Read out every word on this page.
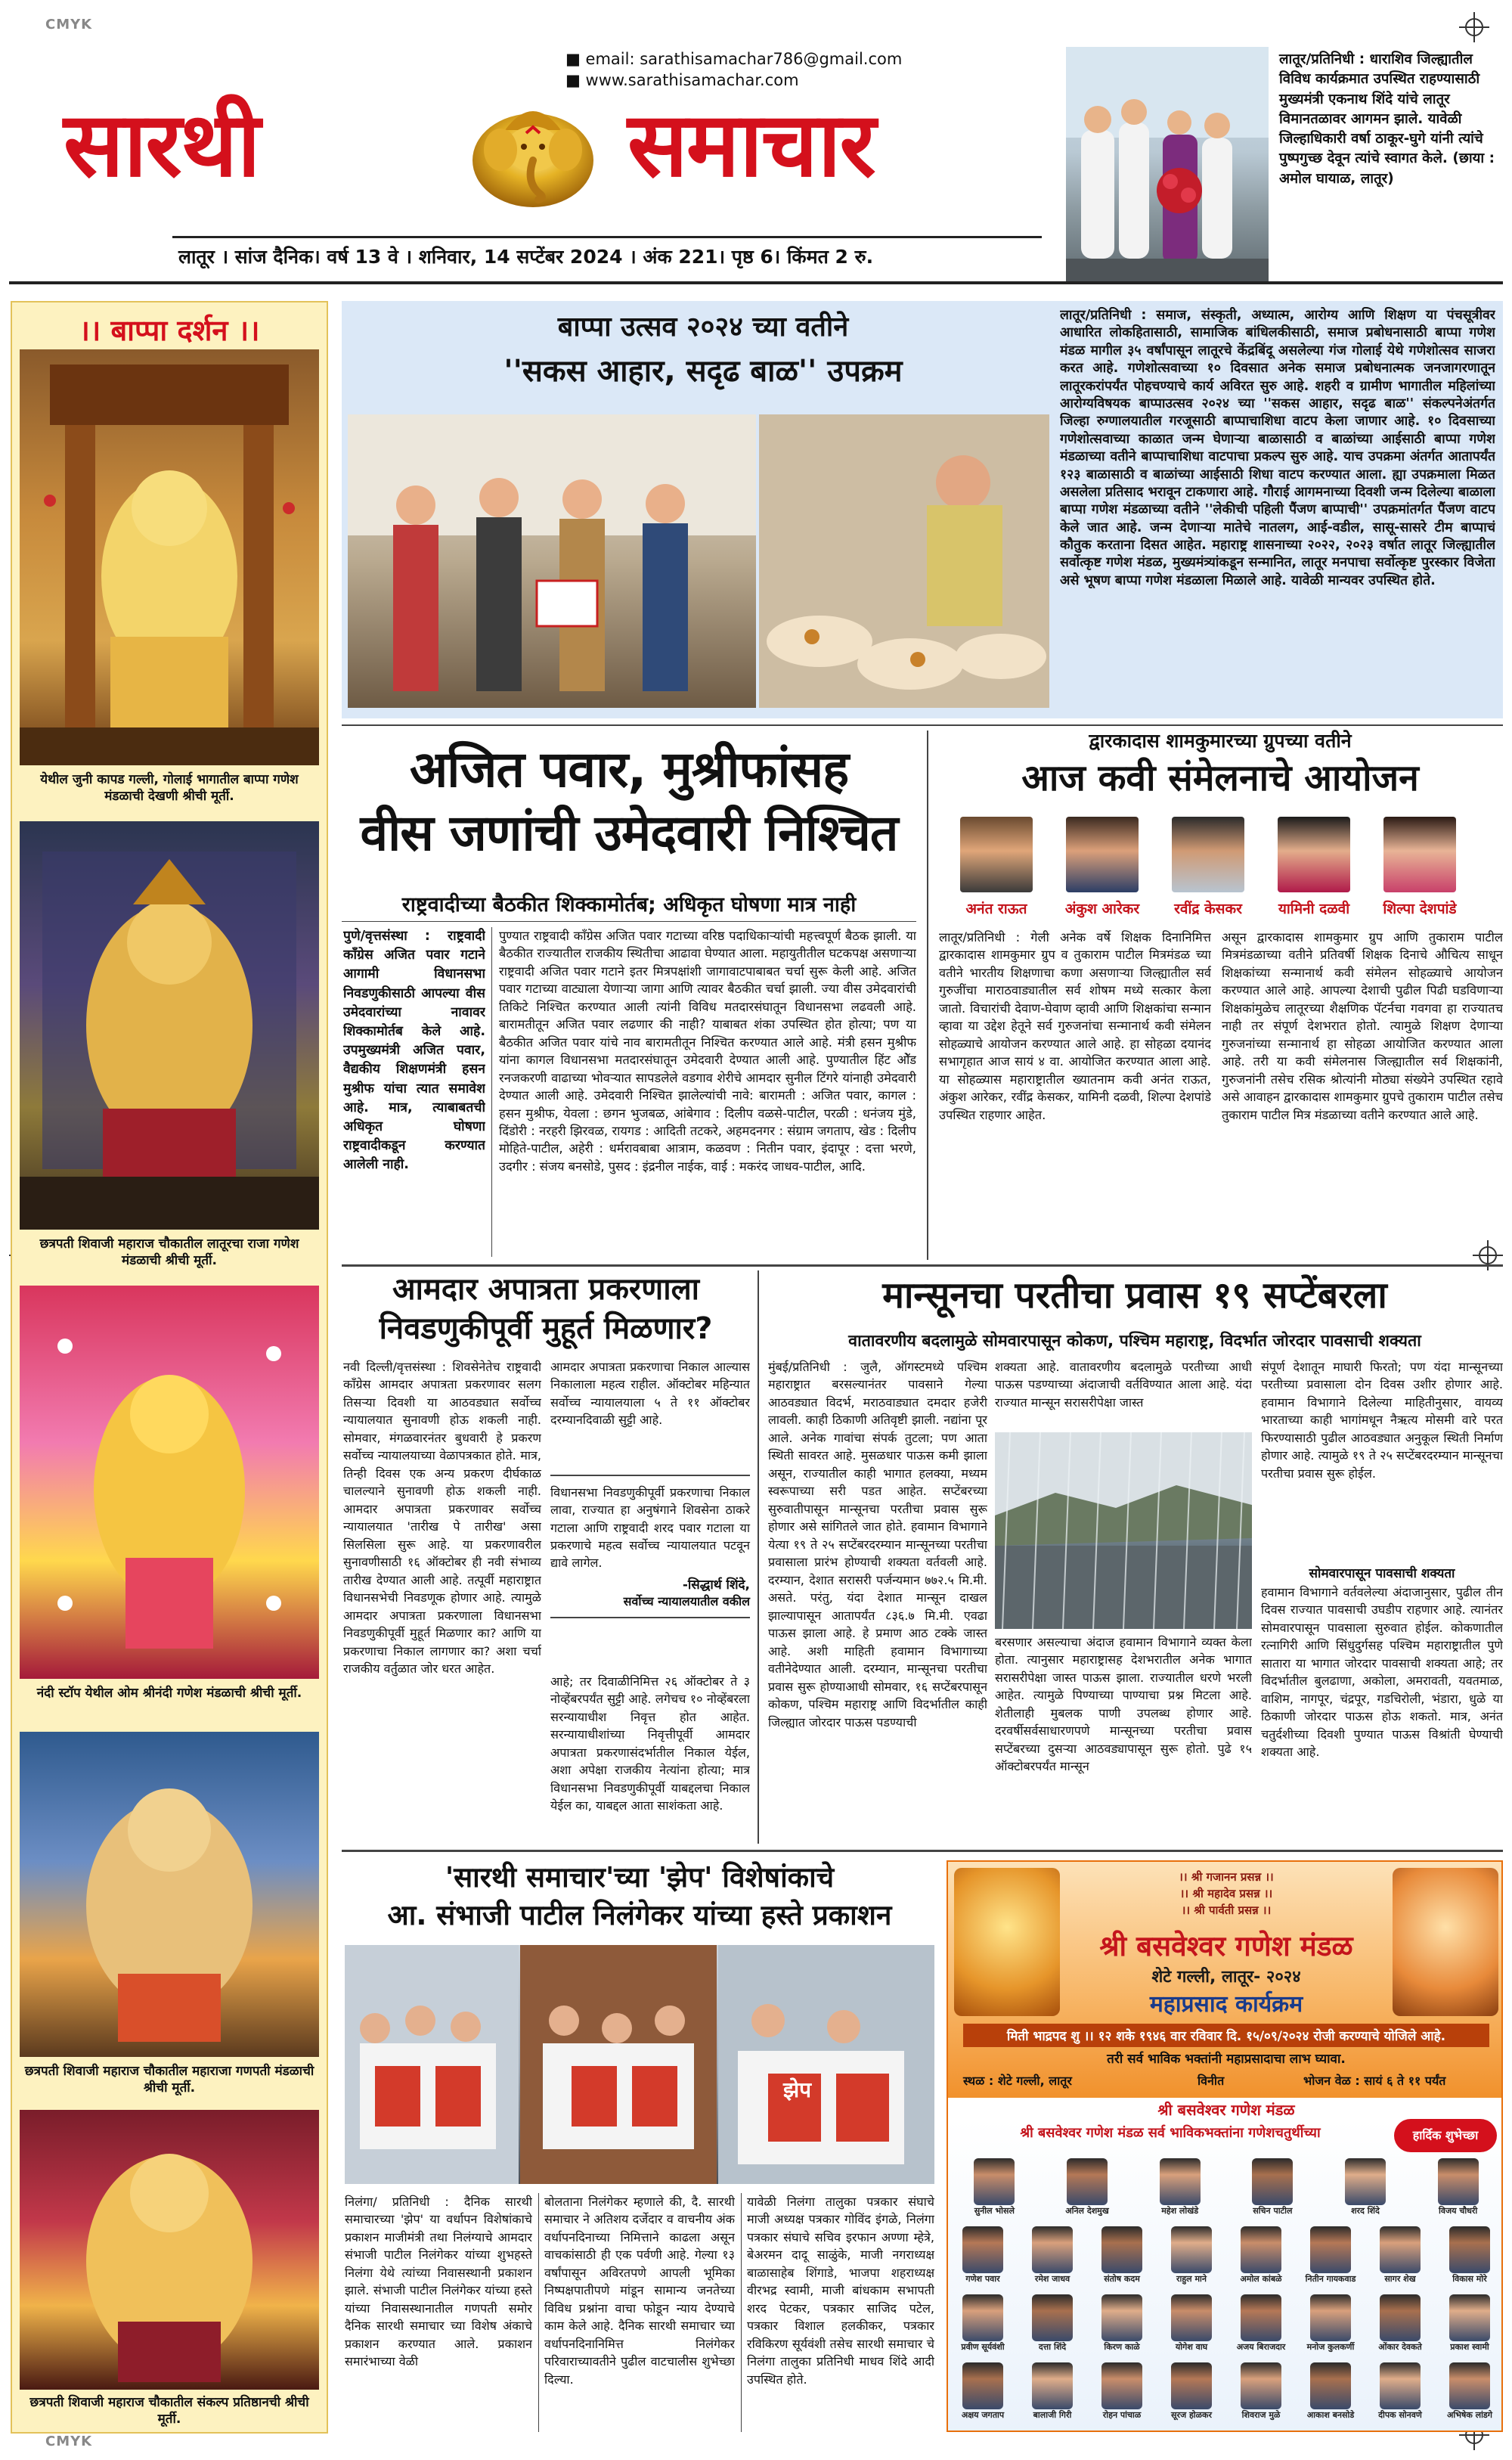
CMYK
CMYK
■ email: sarathisamachar786@gmail.com
■ www.sarathisamachar.com
सारथी	समाचार
लातूर । सांज दैनिक। वर्ष 13 वे । शनिवार, 14 सप्टेंबर 2024 । अंक 221। पृष्ठ 6। किंमत 2 रु.
लातूर/प्रतिनिधी : धाराशिव जिल्ह्यातील विविध कार्यक्रमात उपस्थित राहण्यासाठी मुख्यमंत्री एकनाथ शिंदे यांचे लातूर विमानतळावर आगमन झाले. यावेळी जिल्हाधिकारी वर्षा ठाकूर-घुगे यांनी त्यांचे पुष्पगुच्छ देवून त्यांचे स्वागत केले. (छाया : अमोल घायाळ, लातूर)
।। बाप्पा दर्शन ।।
येथील जुनी कापड गल्ली, गोलाई भागातील बाप्पा गणेश मंडळाची देखणी श्रीची मूर्ती.
छत्रपती शिवाजी महाराज चौकातील लातूरचा राजा गणेश मंडळाची श्रीची मूर्ती.
नंदी स्टॉप येथील ओम श्रीनंदी गणेश मंडळाची श्रीची मूर्ती.
छत्रपती शिवाजी महाराज चौकातील महाराजा गणपती मंडळाची श्रीची मूर्ती.
छत्रपती शिवाजी महाराज चौकातील संकल्प प्रतिष्ठानची श्रीची मूर्ती.
बाप्पा उत्सव २०२४ च्या वतीने
''सकस आहार, सदृढ बाळ'' उपक्रम
लातूर/प्रतिनिधी : समाज, संस्कृती, अध्यात्म, आरोग्य आणि शिक्षण या पंचसूत्रीवर आधारित लोकहितासाठी, सामाजिक बांधिलकीसाठी, समाज प्रबोधनासाठी बाप्पा गणेश मंडळ मागील ३५ वर्षांपासून लातूरचे केंद्रबिंदू असलेल्या गंज गोलाई येथे गणेशोत्सव साजरा करत आहे. गणेशोत्सवाच्या १० दिवसात अनेक समाज प्रबोधनात्मक जनजागरणातून लातूरकरांपर्यंत पोहचण्याचे कार्य अविरत सुरु आहे. शहरी व ग्रामीण भागातील महिलांच्या आरोग्यविषयक बाप्पाउत्सव २०२४ च्या ''सकस आहार, सदृढ बाळ'' संकल्पनेअंतर्गत जिल्हा रुग्णालयातील गरजूसाठी बाप्पाचाशिधा वाटप केला जाणार आहे. १० दिवसाच्या गणेशोत्सवाच्या काळात जन्म घेणाऱ्या बाळासाठी व बाळांच्या आईसाठी बाप्पा गणेश मंडळाच्या वतीने बाप्पाचाशिधा वाटपाचा प्रकल्प सुरु आहे. याच उपक्रमा अंतर्गत आतापर्यंत १२३ बाळासाठी व बाळांच्या आईसाठी शिधा वाटप करण्यात आला. ह्या उपक्रमाला मिळत असलेला प्रतिसाद भरावून टाकणारा आहे. गौराई आगमनाच्या दिवशी जन्म दिलेल्या बाळाला बाप्पा गणेश मंडळाच्या वतीने ''लेकीची पहिली पैंजण बाप्पाची'' उपक्रमांतर्गत पैंजण वाटप केले जात आहे. जन्म देणाऱ्या मातेचे नातलग, आई-वडील, सासू-सासरे टीम बाप्पाचं कौतुक करताना दिसत आहेत. महाराष्ट्र शासनाच्या २०२२, २०२३ वर्षात लातूर जिल्ह्यातील सर्वोत्कृष्ट गणेश मंडळ, मुख्यमंत्र्यांकडून सन्मानित, लातूर मनपाचा सर्वोत्कृष्ट पुरस्कार विजेता असे भूषण बाप्पा गणेश मंडळाला मिळाले आहे. यावेळी मान्यवर उपस्थित होते.
अजित पवार, मुश्रीफांसह
वीस जणांची उमेदवारी निश्चित
राष्ट्रवादीच्या बैठकीत शिक्कामोर्तब; अधिकृत घोषणा मात्र नाही
पुणे/वृत्तसंस्था : राष्ट्रवादी काँग्रेस अजित पवार गटाने आगामी विधानसभा निवडणुकीसाठी आपल्या वीस उमेदवारांच्या नावावर शिक्कामोर्तब केले आहे. उपमुख्यमंत्री अजित पवार, वैद्यकीय शिक्षणमंत्री हसन मुश्रीफ यांचा त्यात समावेश आहे. मात्र, त्याबाबतची अधिकृत घोषणा राष्ट्रवादीकडून करण्यात आलेली नाही.
पुण्यात राष्ट्रवादी काँग्रेस अजित पवार गटाच्या वरिष्ठ पदाधिकाऱ्यांची महत्त्वपूर्ण बैठक झाली. या बैठकीत राज्यातील राजकीय स्थितीचा आढावा घेण्यात आला. महायुतीतील घटकपक्ष असणाऱ्या राष्ट्रवादी अजित पवार गटाने इतर मित्रपक्षांशी जागावाटपाबाबत चर्चा सुरू केली आहे. अजित पवार गटाच्या वाट्याला येणाऱ्या जागा आणि त्यावर बैठकीत चर्चा झाली. ज्या वीस उमेदवारांची तिकिटे निश्चित करण्यात आली त्यांनी विविध मतदारसंघातून विधानसभा लढवली आहे. बारामतीतून अजित पवार लढणार की नाही? याबाबत शंका उपस्थित होत होत्या; पण या बैठकीत अजित पवार यांचे नाव बारामतीतून निश्चित करण्यात आले आहे. मंत्री हसन मुश्रीफ यांना कागल विधानसभा मतदारसंघातून उमेदवारी देण्यात आली आहे. पुण्यातील हिंट ओॅड रनजकरणी वाढाच्या भोवऱ्यात सापडलेले वडगाव शेरीचे आमदार सुनील टिंगरे यांनाही उमेदवारी देण्यात आली आहे. उमेदवारी निश्चित झालेल्यांची नावे: बारामती : अजित पवार, कागल : हसन मुश्रीफ, येवला : छगन भुजबळ, आंबेगाव : दिलीप वळसे-पाटील, परळी : धनंजय मुंडे, दिंडोरी : नरहरी झिरवळ, रायगड : आदिती तटकरे, अहमदनगर : संग्राम जगताप, खेड : दिलीप मोहिते-पाटील, अहेरी : धर्मरावबाबा आत्राम, कळवण : नितीन पवार, इंदापूर : दत्ता भरणे, उदगीर : संजय बनसोडे, पुसद : इंद्रनील नाईक, वाई : मकरंद जाधव-पाटील, आदि.
द्वारकादास शामकुमारच्या ग्रुपच्या वतीने
आज कवी संमेलनाचे आयोजन
अनंत राऊत	अंकुश आरेकर	रवींद्र केसकर	यामिनी दळवी	शिल्पा देशपांडे
लातूर/प्रतिनिधी : गेली अनेक वर्षे शिक्षक दिनानिमित्त द्वारकादास शामकुमार ग्रुप व तुकाराम पाटील मित्रमंडळ च्या वतीने भारतीय शिक्षणाचा कणा असणाऱ्या जिल्ह्यातील सर्व गुरुजींचा माराठवाड्यातील सर्व शोषम मध्ये सत्कार केला जातो. विचारांची देवाण-घेवाण व्हावी आणि शिक्षकांचा सन्मान व्हावा या उद्देश हेतूने सर्व गुरुजनांचा सन्मानार्थ कवी संमेलन सोहळ्याचे आयोजन करण्यात आले आहे. हा सोहळा दयानंद सभागृहात आज सायं ४ वा. आयोजित करण्यात आला आहे. या सोहळ्यास महाराष्ट्रातील ख्यातनाम कवी अनंत राऊत, अंकुश आरेकर, रवींद्र केसकर, यामिनी दळवी, शिल्पा देशपांडे उपस्थित राहणार आहेत.
असून द्वारकादास शामकुमार ग्रुप आणि तुकाराम पाटील मित्रमंडळाच्या वतीने प्रतिवर्षी शिक्षक दिनाचे औचित्य साधून शिक्षकांच्या सन्मानार्थ कवी संमेलन सोहळ्याचे आयोजन करण्यात आले आहे. आपल्या देशाची पुढील पिढी घडविणाऱ्या शिक्षकांमुळेच लातूरच्या शैक्षणिक पॅटर्नचा गवगवा हा राज्यातच नाही तर संपूर्ण देशभरात होतो. त्यामुळे शिक्षण देणाऱ्या गुरुजनांच्या सन्मानार्थ हा सोहळा आयोजित करण्यात आला आहे. तरी या कवी संमेलनास जिल्ह्यातील सर्व शिक्षकांनी, गुरुजनांनी तसेच रसिक श्रोत्यांनी मोठ्या संख्येने उपस्थित रहावे असे आवाहन द्वारकादास शामकुमार ग्रुपचे तुकाराम पाटील तसेच तुकाराम पाटील मित्र मंडळाच्या वतीने करण्यात आले आहे.
आमदार अपात्रता प्रकरणाला
निवडणुकीपूर्वी मुहूर्त मिळणार?
नवी दिल्ली/वृत्तसंस्था : शिवसेनेतेच राष्ट्रवादी काँग्रेस आमदार अपात्रता प्रकरणावर सलग तिसऱ्या दिवशी या आठवड्यात सर्वोच्च न्यायालयात सुनावणी होऊ शकली नाही. सोमवार, मंगळवारनंतर बुधवारी हे प्रकरण सर्वोच्च न्यायालयाच्या वेळापत्रकात होते. मात्र, तिन्ही दिवस एक अन्य प्रकरण दीर्घकाळ चालल्याने सुनावणी होऊ शकली नाही. आमदार अपात्रता प्रकरणावर सर्वोच्च न्यायालयात 'तारीख पे तारीख' असा सिलसिला सुरू आहे. या प्रकरणावरील सुनावणीसाठी १६ ऑक्टोबर ही नवी संभाव्य तारीख देण्यात आली आहे. तत्पूर्वी महाराष्ट्रात विधानसभेची निवडणूक होणार आहे. त्यामुळे आमदार अपात्रता प्रकरणाला विधानसभा निवडणुकीपूर्वी मुहूर्त मिळणार का? आणि या प्रकरणाचा निकाल लागणार का? अशा चर्चा राजकीय वर्तुळात जोर धरत आहेत.
आमदार अपात्रता प्रकरणाचा निकाल आल्यास निकालाला महत्व राहील. ऑक्टोबर महिन्यात सर्वोच्च न्यायालयाला ५ ते ११ ऑक्टोबर दरम्यानदिवाळी सुट्टी आहे.
विधानसभा निवडणुकीपूर्वी प्रकरणाचा निकाल लावा, राज्यात हा अनुषंगाने शिवसेना ठाकरे गटाला आणि राष्ट्रवादी शरद पवार गटाला या प्रकरणाचे महत्व सर्वोच्च न्यायालयात पटवून द्यावे लागेल.
-सिद्धार्थ शिंदे,
सर्वोच्च न्यायालयातील वकील
आहे; तर दिवाळीनिमित्त २६ ऑक्टोबर ते ३ नोव्हेंबरपर्यंत सुट्टी आहे. लगेचच १० नोव्हेंबरला सरन्यायाधीश निवृत्त होत आहेत. सरन्यायाधीशांच्या निवृत्तीपूर्वी आमदार अपात्रता प्रकरणासंदर्भातील निकाल येईल, अशा अपेक्षा राजकीय नेत्यांना होत्या; मात्र विधानसभा निवडणुकीपूर्वी याबद्दलचा निकाल येईल का, याबद्दल आता साशंकता आहे.
मान्सूनचा परतीचा प्रवास १९ सप्टेंबरला
वातावरणीय बदलामुळे सोमवारपासून कोकण, पश्चिम महाराष्ट्र, विदर्भात जोरदार पावसाची शक्यता
मुंबई/प्रतिनिधी : जुलै, ऑगस्टमध्ये पश्चिम महाराष्ट्रात बरसल्यानंतर पावसाने गेल्या आठवड्यात विदर्भ, मराठवाड्यात दमदार हजेरी लावली. काही ठिकाणी अतिवृष्टी झाली. नद्यांना पूर आले. अनेक गावांचा संपर्क तुटला; पण आता स्थिती सावरत आहे. मुसळधार पाऊस कमी झाला असून, राज्यातील काही भागात हलक्या, मध्यम स्वरूपाच्या सरी पडत आहेत. सप्टेंबरच्या सुरुवातीपासून मान्सूनचा परतीचा प्रवास सुरू होणार असे सांगितले जात होते. हवामान विभागाने येत्या १९ ते २५ सप्टेंबरदरम्यान मान्सूनच्या परतीचा प्रवासाला प्रारंभ होण्याची शक्यता वर्तवली आहे. दरम्यान, देशात सरासरी पर्जन्यमान ७७२.५ मि.मी. असते. परंतु, यंदा देशात मान्सून दाखल झाल्यापासून आतापर्यंत ८३६.७ मि.मी. एवढा पाऊस झाला आहे. हे प्रमाण आठ टक्के जास्त आहे. अशी माहिती हवामान विभागाच्या वतीनेदेण्यात आली. दरम्यान, मान्सूनचा परतीचा प्रवास सुरू होण्याआधी सोमवार, १६ सप्टेंबरपासून कोकण, पश्चिम महाराष्ट्र आणि विदर्भातील काही जिल्ह्यात जोरदार पाऊस पडण्याची
शक्यता आहे. वातावरणीय बदलामुळे परतीच्या आधी पाऊस पडण्याच्या अंदाजाची वर्तविण्यात आला आहे. यंदा राज्यात मान्सून सरासरीपेक्षा जास्त
बरसणार असल्याचा अंदाज हवामान विभागाने व्यक्त केला होता. त्यानुसार महाराष्ट्रासह देशभरातील अनेक भागात सरासरीपेक्षा जास्त पाऊस झाला. राज्यातील धरणे भरली आहेत. त्यामुळे पिण्याच्या पाण्याचा प्रश्न मिटला आहे. शेतीलाही मुबलक पाणी उपलब्ध होणार आहे. दरवर्षीसर्वसाधारणपणे मान्सूनच्या परतीचा प्रवास सप्टेंबरच्या दुसऱ्या आठवड्यापासून सुरू होतो. पुढे १५ ऑक्टोबरपर्यंत मान्सून
संपूर्ण देशातून माघारी फिरतो; पण यंदा मान्सूनच्या परतीच्या प्रवासाला दोन दिवस उशीर होणार आहे. हवामान विभागाने दिलेल्या माहितीनुसार, वायव्य भारताच्या काही भागांमधून नैऋत्य मोसमी वारे परत फिरण्यासाठी पुढील आठवड्यात अनुकूल स्थिती निर्माण होणार आहे. त्यामुळे १९ ते २५ सप्टेंबरदरम्यान मान्सूनचा परतीचा प्रवास सुरू होईल.
सोमवारपासून पावसाची शक्यता
हवामान विभागाने वर्तवलेल्या अंदाजानुसार, पुढील तीन दिवस राज्यात पावसाची उघडीप राहणार आहे. त्यानंतर सोमवारपासून पावसाला सुरुवात होईल. कोकणातील रत्नागिरी आणि सिंधुदुर्गसह पश्चिम महाराष्ट्रातील पुणे सातारा या भागात जोरदार पावसाची शक्यता आहे; तर विदर्भातील बुलढाणा, अकोला, अमरावती, यवतमाळ, वाशिम, नागपूर, चंद्रपूर, गडचिरोली, भंडारा, धुळे या ठिकाणी जोरदार पाऊस होऊ शकतो. मात्र, अनंत चतुर्दशीच्या दिवशी पुण्यात पाऊस विश्रांती घेण्याची शक्यता आहे.
'सारथी समाचार'च्या 'झेप' विशेषांकाचे
आ. संभाजी पाटील निलंगेकर यांच्या हस्ते प्रकाशन
झेप
निलंगा/ प्रतिनिधी : दैनिक सारथी समाचारच्या 'झेप' या वर्धापन विशेषांकाचे प्रकाशन माजीमंत्री तथा निलंग्याचे आमदार संभाजी पाटील निलंगेकर यांच्या शुभहस्ते निलंगा येथे त्यांच्या निवासस्थानी प्रकाशन झाले. संभाजी पाटील निलंगेकर यांच्या हस्ते यांच्या निवासस्थानातील गणपती समोर दैनिक सारथी समाचार च्या विशेष अंकाचे प्रकाशन करण्यात आले. प्रकाशन समारंभाच्या वेळी
बोलताना निलंगेकर म्हणाले की, दै. सारथी समाचार ने अतिशय दर्जेदार व वाचनीय अंक वर्धापनदिनाच्या निमित्ताने काढला असून वाचकांसाठी ही एक पर्वणी आहे. गेल्या १३ वर्षांपासून अविरतपणे आपली भूमिका निष्पक्षपातीपणे मांडून सामान्य जनतेच्या विविध प्रश्नांना वाचा फोडून न्याय देण्याचे काम केले आहे. दैनिक सारथी समाचार च्या वर्धापनदिनानिमित्त निलंगेकर परिवाराच्यावतीने पुढील वाटचालीस शुभेच्छा दिल्या.
यावेळी निलंगा तालुका पत्रकार संघाचे माजी अध्यक्ष पत्रकार गोविंद इंगळे, निलंगा पत्रकार संघाचे सचिव इरफान अण्णा म्हेत्रे, बेअरमन दादू साळुंके, माजी नगराध्यक्ष बाळासाहेब शिंगाडे, भाजपा शहराध्यक्ष वीरभद्र स्वामी, माजी बांधकाम सभापती शरद पेटकर, पत्रकार साजिद पटेल, पत्रकार विशाल हलकीकर, पत्रकार रविकिरण सूर्यवंशी तसेच सारथी समाचार चे निलंगा तालुका प्रतिनिधी माधव शिंदे आदी उपस्थित होते.
।। श्री गजानन प्रसन्न ।।
।। श्री महादेव प्रसन्न ।।
।। श्री पार्वती प्रसन्न ।।
श्री बसवेश्वर गणेश मंडळ
शेटे गल्ली, लातूर- २०२४
महाप्रसाद कार्यक्रम
मिती भाद्रपद शु ।। १२ शके १९४६ वार रविवार दि. १५/०९/२०२४ रोजी करण्याचे योजिले आहे.
तरी सर्व भाविक भक्तांनी महाप्रसादाचा लाभ घ्यावा.
स्थळ : शेटे गल्ली, लातूर	विनीत	भोजन वेळ : सायं ६ ते ११ पर्यंत
श्री बसवेश्वर गणेश मंडळ
श्री बसवेश्वर गणेश मंडळ सर्व भाविकभक्तांना गणेशचतुर्थीच्या	हार्दिक शुभेच्छा
सुनील भोसले	अनिल देशमुख	महेश लोखंडे	सचिन पाटील	शरद शिंदे	विजय चौधरी
गणेश पवार	रमेश जाधव	संतोष कदम	राहुल माने	अमोल कांबळे	नितीन गायकवाड	सागर शेख	विकास मोरे
प्रवीण सूर्यवंशी	दत्ता शिंदे	किरण काळे	योगेश वाघ	अजय बिराजदार	मनोज कुलकर्णी	ओंकार देवकते	प्रकाश स्वामी
अक्षय जगताप	बालाजी गिरी	रोहन पांचाळ	सूरज होळकर	शिवराज मुळे	आकाश बनसोडे	दीपक सोनवणे	अभिषेक लांडगे
